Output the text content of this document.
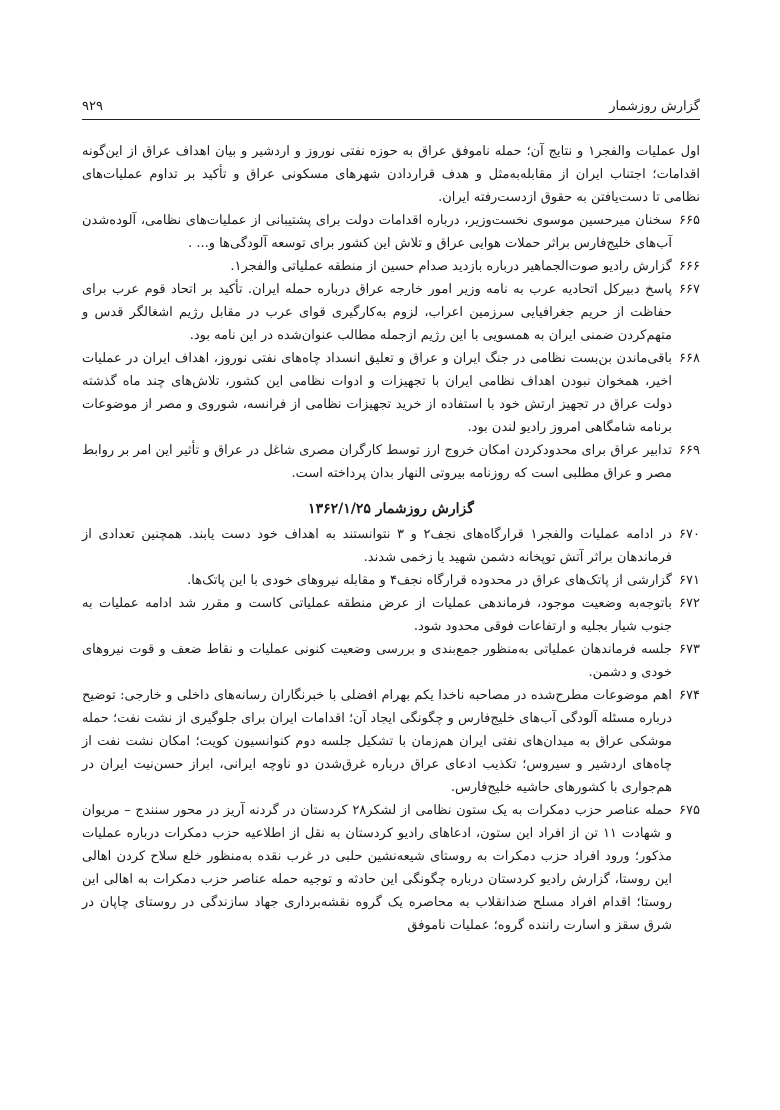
گزارش روزشمار
۹۲۹

اول عملیات والفجر۱ و نتایج آن؛ حمله ناموفق عراق به حوزه نفتی نوروز و اردشیر و بیان اهداف عراق از این‌گونه اقدامات؛ اجتناب ایران از مقابله‌به‌مثل و هدف قراردادن شهرهای مسکونی عراق و تأکید بر تداوم عملیات‌های نظامی تا دست‌یافتن به حقوق ازدست‌رفته ایران.

۶۶۵
سخنان میرحسین موسوی نخست‌وزیر، درباره اقدامات دولت برای پشتیبانی از عملیات‌های نظامی، آلوده‌شدن آب‌های خلیج‌فارس براثر حملات هوایی عراق و تلاش این کشور برای توسعه آلودگی‌ها و... .
۶۶۶
گزارش رادیو صوت‌الجماهیر درباره بازدید صدام حسین از منطقه عملیاتی والفجر۱.
۶۶۷
پاسخ دبیرکل اتحادیه عرب به نامه وزیر امور خارجه عراق درباره حمله ایران. تأکید بر اتحاد قوم عرب برای حفاظت از حریم جغرافیایی سرزمین اعراب، لزوم به‌کارگیری قوای عرب در مقابل رژیم اشغالگر قدس و متهم‌کردن ضمنی ایران به همسویی با این رژیم ازجمله مطالب عنوان‌شده در این نامه بود.
۶۶۸
باقی‌ماندن بن‌بست نظامی در جنگ ایران و عراق و تعلیق انسداد چاه‌های نفتی نوروز، اهداف ایران در عملیات اخیر، همخوان نبودن اهداف نظامی ایران با تجهیزات و ادوات نظامی این کشور، تلاش‌های چند ماه گذشته دولت عراق در تجهیز ارتش خود با استفاده از خرید تجهیزات نظامی از فرانسه، شوروی و مصر از موضوعات برنامه شامگاهی امروز رادیو لندن بود.
۶۶۹
تدابیر عراق برای محدودکردن امکان خروج ارز توسط کارگران مصری شاغل در عراق و تأثیر این امر بر روابط مصر و عراق مطلبی است که روزنامه بیروتی النهار بدان پرداخته است.
گزارش روزشمار ۱۳۶۲/۱/۲۵
۶۷۰
در ادامه عملیات والفجر۱ قرارگاه‌های نجف۲ و ۳ نتوانستند به اهداف خود دست یابند. همچنین تعدادی از فرماندهان براثر آتش توپخانه دشمن شهید یا زخمی شدند.
۶۷۱
گزارشی از پاتک‌های عراق در محدوده قرارگاه نجف۴ و مقابله نیروهای خودی با این پاتک‌ها.
۶۷۲
باتوجه‌به وضعیت موجود، فرماندهی عملیات از عرض منطقه عملیاتی کاست و مقرر شد ادامه عملیات به جنوب شیار بجلیه و ارتفاعات فوقی محدود شود.
۶۷۳
جلسه فرماندهان عملیاتی به‌منظور جمع‌بندی و بررسی وضعیت کنونی عملیات و نقاط ضعف و قوت نیروهای خودی و دشمن.
۶۷۴
اهم موضوعات مطرح‌شده در مصاحبه ناخدا یکم بهرام افضلی با خبرنگاران رسانه‌های داخلی و خارجی: توضیح درباره مسئله آلودگی آب‌های خلیج‌فارس و چگونگی ایجاد آن؛ اقدامات ایران برای جلوگیری از نشت نفت؛ حمله موشکی عراق به میدان‌های نفتی ایران هم‌زمان با تشکیل جلسه دوم کنوانسیون کویت؛ امکان نشت نفت از چاه‌های اردشیر و سیروس؛ تکذیب ادعای عراق درباره غرق‌شدن دو ناوچه ایرانی، ابراز حسن‌نیت ایران در هم‌جواری با کشورهای حاشیه خلیج‌فارس.
۶۷۵
حمله عناصر حزب دمکرات به یک ستون نظامی از لشکر۲۸ کردستان در گردنه آریز در محور سنندج – مریوان و شهادت ۱۱ تن از افراد این ستون، ادعاهای رادیو کردستان به نقل از اطلاعیه حزب دمکرات درباره عملیات مذکور؛ ورود افراد حزب دمکرات به روستای شیعه‌نشین حلبی در غرب نقده به‌منظور خلع سلاح کردن اهالی این روستا، گزارش رادیو کردستان درباره چگونگی این حادثه و توجیه حمله عناصر حزب دمکرات به اهالی این روستا؛ اقدام افراد مسلح ضدانقلاب به محاصره یک گروه نقشه‌برداری جهاد سازندگی در روستای چاپان در شرق سقز و اسارت راننده گروه؛ عملیات ناموفق
